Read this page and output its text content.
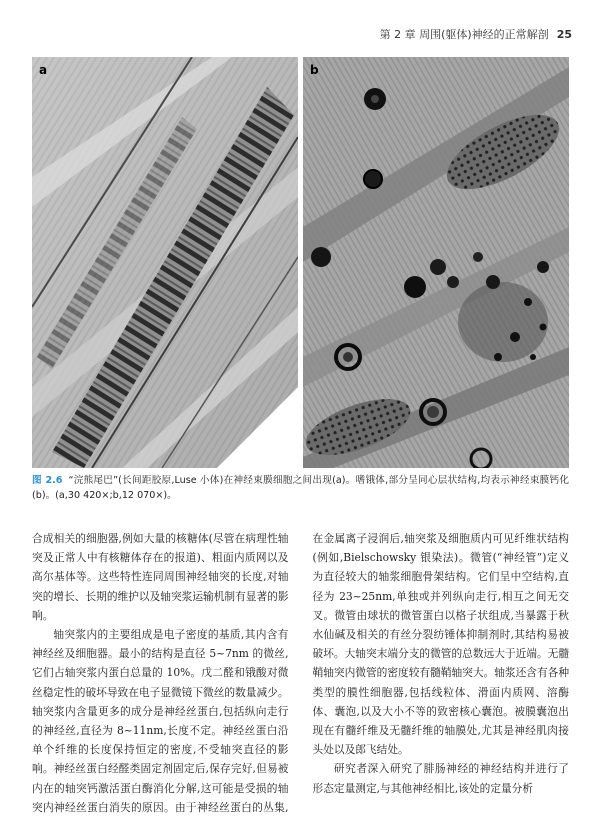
第 2 章 周围(躯体)神经的正常解剖 25
a	b
图 2.6 “浣熊尾巴”(长间距胶原,Luse 小体)在神经束膜细胞之间出现(a)。嗜锇体,部分呈同心层状结构,均表示神经束膜钙化(b)。(a,30 420×;b,12 070×)。

合成相关的细胞器,例如大量的核糖体(尽管在病理性轴突及正常人中有核糖体存在的报道)、粗面内质网以及高尔基体等。这些特性连同周围神经轴突的长度,对轴突的增长、长期的维护以及轴突浆运输机制有显著的影响。

轴突浆内的主要组成是电子密度的基质,其内含有神经丝及细胞器。最小的结构是直径 5~7nm 的微丝,它们占轴突浆内蛋白总量的 10%。戊二醛和锇酸对微丝稳定性的破坏导致在电子显微镜下微丝的数量减少。轴突浆内含量更多的成分是神经丝蛋白,包括纵向走行的神经丝,直径为 8~11nm,长度不定。神经丝蛋白沿单个纤维的长度保持恒定的密度,不受轴突直径的影响。神经丝蛋白经醛类固定剂固定后,保存完好,但易被内在的轴突钙激活蛋白酶消化分解,这可能是受损的轴突内神经丝蛋白消失的原因。由于神经丝蛋白的丛集,在金属离子浸润后,轴突浆及细胞质内可见纤维状结构(例如,Bielschowsky 银染法)。微管(“神经管”)定义为直径较大的轴浆细胞骨架结构。它们呈中空结构,直径为 23~25nm,单独或并列纵向走行,相互之间无交叉。微管由球状的微管蛋白以格子状组成,当暴露于秋水仙碱及相关的有丝分裂纺锤体抑制剂时,其结构易被破坏。大轴突末端分支的微管的总数远大于近端。无髓鞘轴突内微管的密度较有髓鞘轴突大。轴浆还含有各种类型的膜性细胞器,包括线粒体、滑面内质网、溶酶体、囊泡,以及大小不等的致密核心囊泡。被膜囊泡出现在有髓纤维及无髓纤维的轴膜处,尤其是神经肌肉接头处以及郎飞结处。

研究者深入研究了腓肠神经的神经结构并进行了形态定量测定,与其他神经相比,该处的定量分析
